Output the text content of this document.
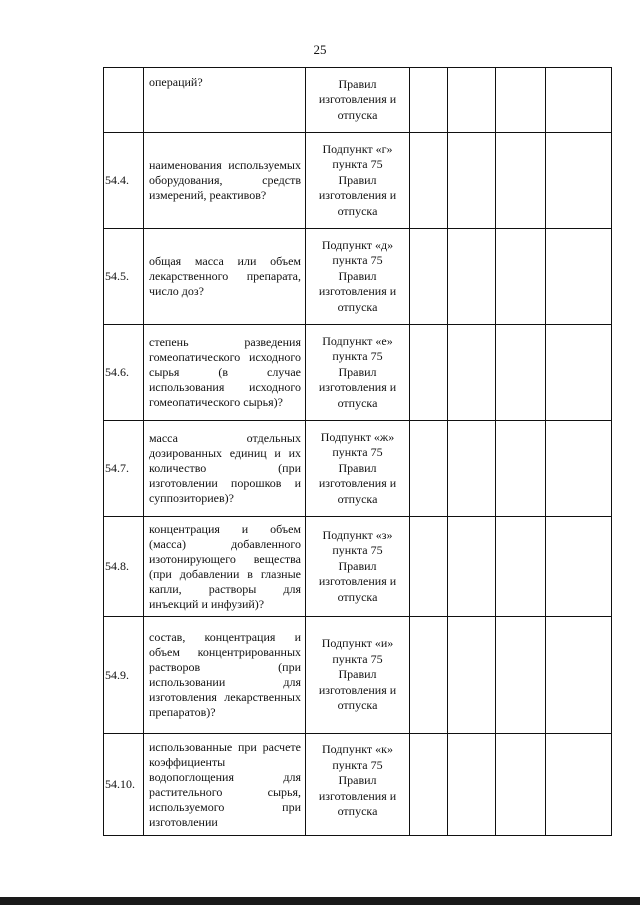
25
	операций?	Правил
изготовления и
отпуска				

54.4.	наименования используемых оборудования, средств измерений, реактивов?	Подпункт «г»
пункта 75
Правил
изготовления и
отпуска				

54.5.	общая масса или объем лекарственного препарата, число доз?	Подпункт «д»
пункта 75
Правил
изготовления и
отпуска				

54.6.	степень разведения гомеопатического исходного сырья (в случае использования исходного гомеопатического сырья)?	Подпункт «е»
пункта 75
Правил
изготовления и
отпуска				

54.7.	масса отдельных дозированных единиц и их количество (при изготовлении порошков и суппозиториев)?	Подпункт «ж»
пункта 75
Правил
изготовления и
отпуска				

54.8.	концентрация и объем (масса) добавленного изотонирующего вещества (при добавлении в глазные капли, растворы для инъекций и инфузий)?	Подпункт «з»
пункта 75
Правил
изготовления и
отпуска				

54.9.	состав, концентрация и объем концентрированных растворов (при использовании для изготовления лекарственных препаратов)?	Подпункт «и»
пункта 75
Правил
изготовления и
отпуска				

54.10.	использованные при расчете коэффициенты водопоглощения для растительного сырья, используемого при изготовлении	Подпункт «к»
пункта 75
Правил
изготовления и
отпуска				
